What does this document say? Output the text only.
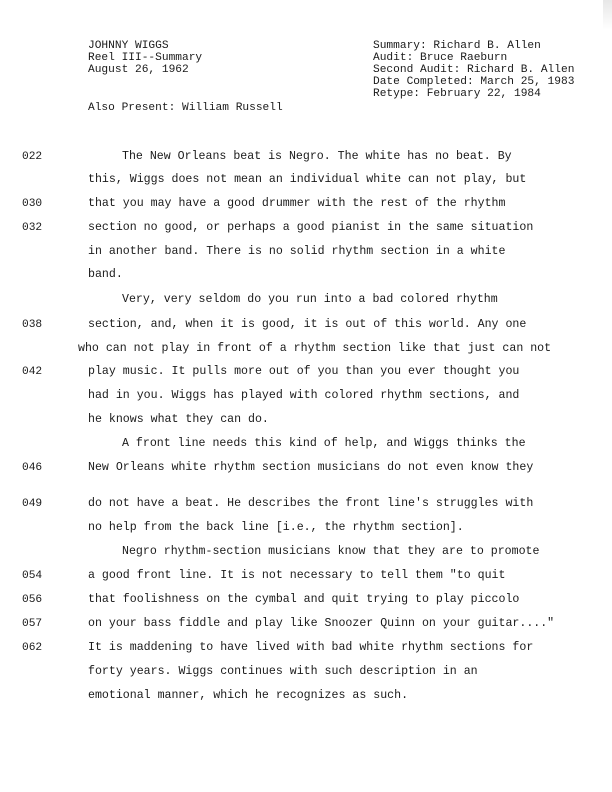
JOHNNY WIGGS
Reel III--Summary
August 26, 1962
Summary: Richard B. Allen
Audit: Bruce Raeburn
Second Audit: Richard B. Allen
Date Completed: March 25, 1983
Retype: February 22, 1984
Also Present: William Russell
022
030
032
038
042
046
049
054
056
057
062
The New Orleans beat is Negro. The white has no beat. By
this, Wiggs does not mean an individual white can not play, but
that you may have a good drummer with the rest of the rhythm
section no good, or perhaps a good pianist in the same situation
in another band. There is no solid rhythm section in a white
band.
Very, very seldom do you run into a bad colored rhythm
section, and, when it is good, it is out of this world. Any one
who can not play in front of a rhythm section like that just can not
play music. It pulls more out of you than you ever thought you
had in you. Wiggs has played with colored rhythm sections, and
he knows what they can do.
A front line needs this kind of help, and Wiggs thinks the
New Orleans white rhythm section musicians do not even know they
do not have a beat. He describes the front line's struggles with
no help from the back line [i.e., the rhythm section].
Negro rhythm-section musicians know that they are to promote
a good front line. It is not necessary to tell them "to quit
that foolishness on the cymbal and quit trying to play piccolo
on your bass fiddle and play like Snoozer Quinn on your guitar...."
It is maddening to have lived with bad white rhythm sections for
forty years. Wiggs continues with such description in an
emotional manner, which he recognizes as such.
